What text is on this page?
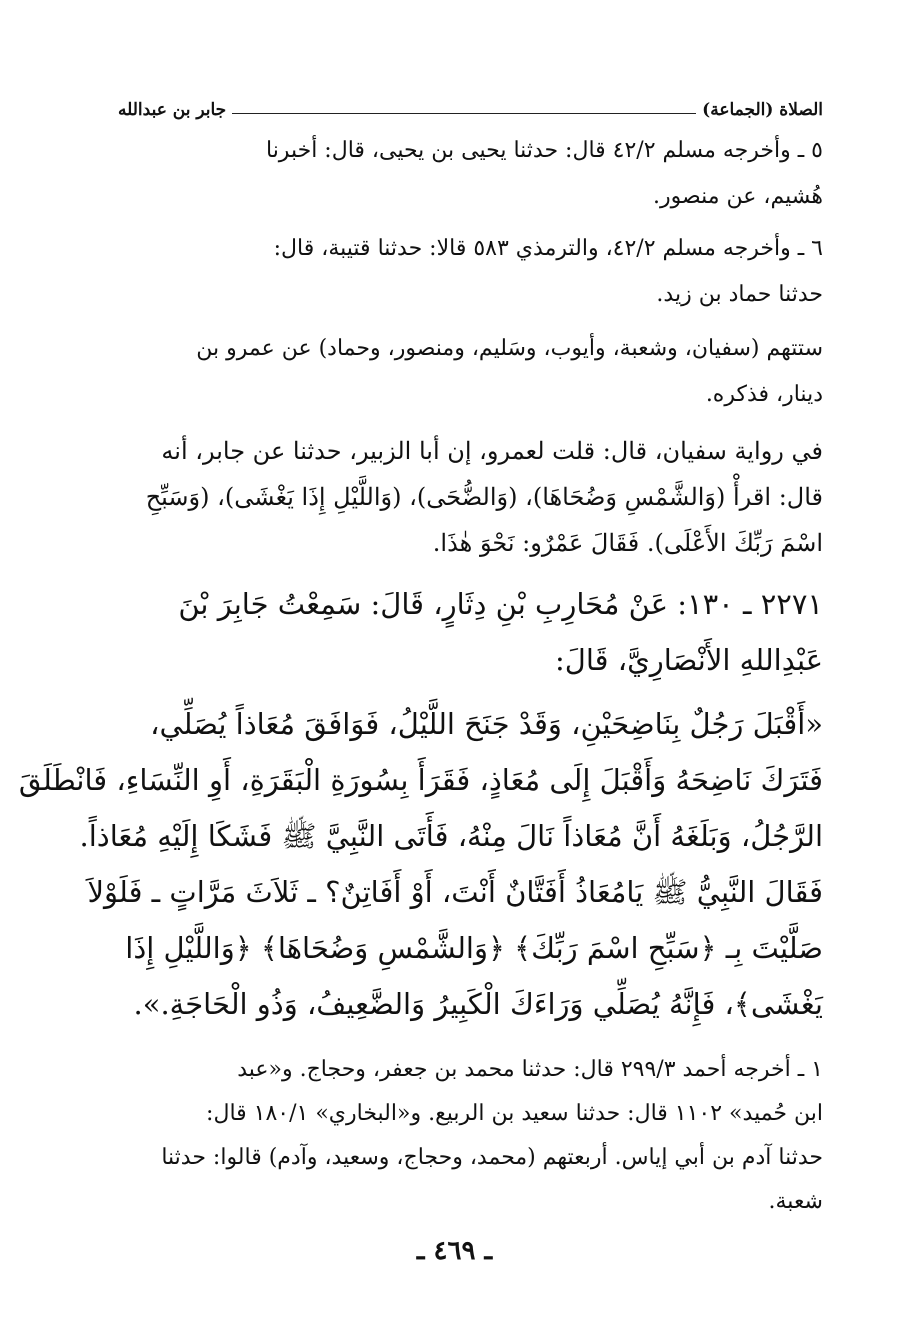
الصلاة (الجماعة)
جابر بن عبدالله
٥ ـ وأخرجه مسلم ٤٢/٢ قال: حدثنا يحيى بن يحيى، قال: أخبرنا
هُشيم، عن منصور.
٦ ـ وأخرجه مسلم ٤٢/٢، والترمذي ٥٨٣ قالا: حدثنا قتيبة، قال:
حدثنا حماد بن زيد.
ستتهم (سفيان، وشعبة، وأيوب، وسَليم، ومنصور، وحماد) عن عمرو بن
دينار، فذكره.
في رواية سفيان، قال: قلت لعمرو، إن أبا الزبير، حدثنا عن جابر، أنه
قال: اقرأْ (وَالشَّمْسِ وَضُحَاهَا)، (وَالضُّحَى)، (وَاللَّيْلِ إِذَا يَغْشَى)، (وَسَبِّحِ
اسْمَ رَبِّكَ الأَعْلَى). فَقَالَ عَمْرٌو: نَحْوَ هٰذَا.
٢٢٧١ ـ ١٣٠: عَنْ مُحَارِبِ بْنِ دِثَارٍ، قَالَ: سَمِعْتُ جَابِرَ بْنَ
عَبْدِاللهِ الأَنْصَارِيَّ، قَالَ:
«أَقْبَلَ رَجُلٌ بِنَاضِحَيْنِ، وَقَدْ جَنَحَ اللَّيْلُ، فَوَافَقَ مُعَاذاً يُصَلِّي،
فَتَرَكَ نَاضِحَهُ وَأَقْبَلَ إِلَى مُعَاذٍ، فَقَرَأَ بِسُورَةِ الْبَقَرَةِ، أَوِ النِّسَاءِ، فَانْطَلَقَ
الرَّجُلُ، وَبَلَغَهُ أَنَّ مُعَاذاً نَالَ مِنْهُ، فَأَتَى النَّبِيَّ ﷺ فَشَكَا إِلَيْهِ مُعَاذاً.
فَقَالَ النَّبِيُّ ﷺ يَامُعَاذُ أَفَتَّانٌ أَنْتَ، أَوْ أَفَاتِنٌ؟ ـ ثَلاَثَ مَرَّاتٍ ـ فَلَوْلاَ
صَلَّيْتَ بِـ ﴿سَبِّحِ اسْمَ رَبِّكَ﴾ ﴿وَالشَّمْسِ وَضُحَاهَا﴾ ﴿وَاللَّيْلِ إِذَا
يَغْشَى﴾، فَإِنَّهُ يُصَلِّي وَرَاءَكَ الْكَبِيرُ وَالضَّعِيفُ، وَذُو الْحَاجَةِ.».
١ ـ أخرجه أحمد ٢٩٩/٣ قال: حدثنا محمد بن جعفر، وحجاج. و«عبد
ابن حُميد» ١١٠٢ قال: حدثنا سعيد بن الربيع. و«البخاري» ١٨٠/١ قال:
حدثنا آدم بن أبي إياس. أربعتهم (محمد، وحجاج، وسعيد، وآدم) قالوا: حدثنا
شعبة.
ـ ٤٦٩ ـ
